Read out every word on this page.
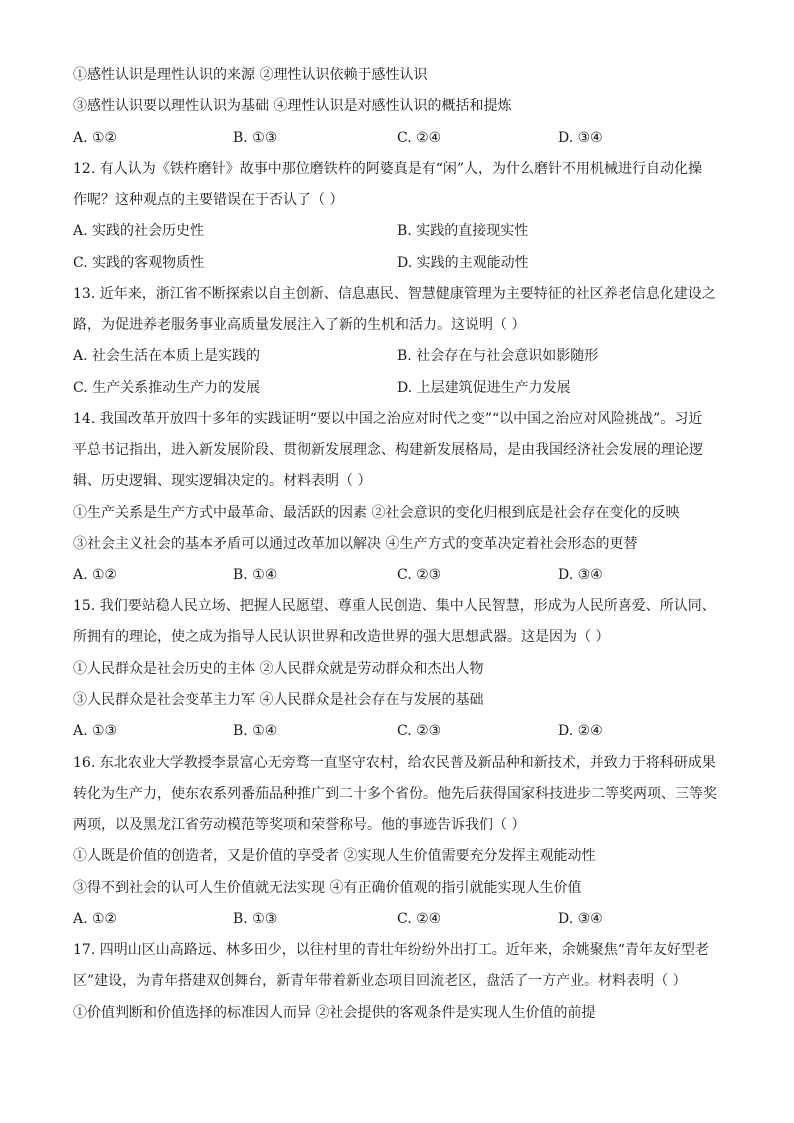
①感性认识是理性认识的来源 ②理性认识依赖于感性认识
③感性认识要以理性认识为基础 ④理性认识是对感性认识的概括和提炼
A. ①②	B. ①③	C. ②④	D. ③④
12. 有人认为《铁杵磨针》故事中那位磨铁杵的阿婆真是有“闲”人，为什么磨针不用机械进行自动化操
作呢？这种观点的主要错误在于否认了（ ）
A. 实践的社会历史性	B. 实践的直接现实性
C. 实践的客观物质性	D. 实践的主观能动性
13. 近年来，浙江省不断探索以自主创新、信息惠民、智慧健康管理为主要特征的社区养老信息化建设之
路，为促进养老服务事业高质量发展注入了新的生机和活力。这说明（ ）
A. 社会生活在本质上是实践的	B. 社会存在与社会意识如影随形
C. 生产关系推动生产力的发展	D. 上层建筑促进生产力发展
14. 我国改革开放四十多年的实践证明“要以中国之治应对时代之变”“以中国之治应对风险挑战”。习近
平总书记指出，进入新发展阶段、贯彻新发展理念、构建新发展格局，是由我国经济社会发展的理论逻
辑、历史逻辑、现实逻辑决定的。材料表明（ ）
①生产关系是生产方式中最革命、最活跃的因素 ②社会意识的变化归根到底是社会存在变化的反映
③社会主义社会的基本矛盾可以通过改革加以解决 ④生产方式的变革决定着社会形态的更替
A. ①②	B. ①④	C. ②③	D. ③④
15. 我们要站稳人民立场、把握人民愿望、尊重人民创造、集中人民智慧，形成为人民所喜爱、所认同、
所拥有的理论，使之成为指导人民认识世界和改造世界的强大思想武器。这是因为（ ）
①人民群众是社会历史的主体 ②人民群众就是劳动群众和杰出人物
③人民群众是社会变革主力军 ④人民群众是社会存在与发展的基础
A. ①③	B. ①④	C. ②③	D. ②④
16. 东北农业大学教授李景富心无旁骛一直坚守农村，给农民普及新品种和新技术，并致力于将科研成果
转化为生产力，使东农系列番茄品种推广到二十多个省份。他先后获得国家科技进步二等奖两项、三等奖
两项，以及黑龙江省劳动模范等奖项和荣誉称号。他的事迹告诉我们（ ）
①人既是价值的创造者，又是价值的享受者 ②实现人生价值需要充分发挥主观能动性
③得不到社会的认可人生价值就无法实现 ④有正确价值观的指引就能实现人生价值
A. ①②	B. ①③	C. ②④	D. ③④
17. 四明山区山高路远、林多田少，以往村里的青壮年纷纷外出打工。近年来，余姚聚焦“青年友好型老
区”建设，为青年搭建双创舞台，新青年带着新业态项目回流老区，盘活了一方产业。材料表明（ ）
①价值判断和价值选择的标准因人而异 ②社会提供的客观条件是实现人生价值的前提
